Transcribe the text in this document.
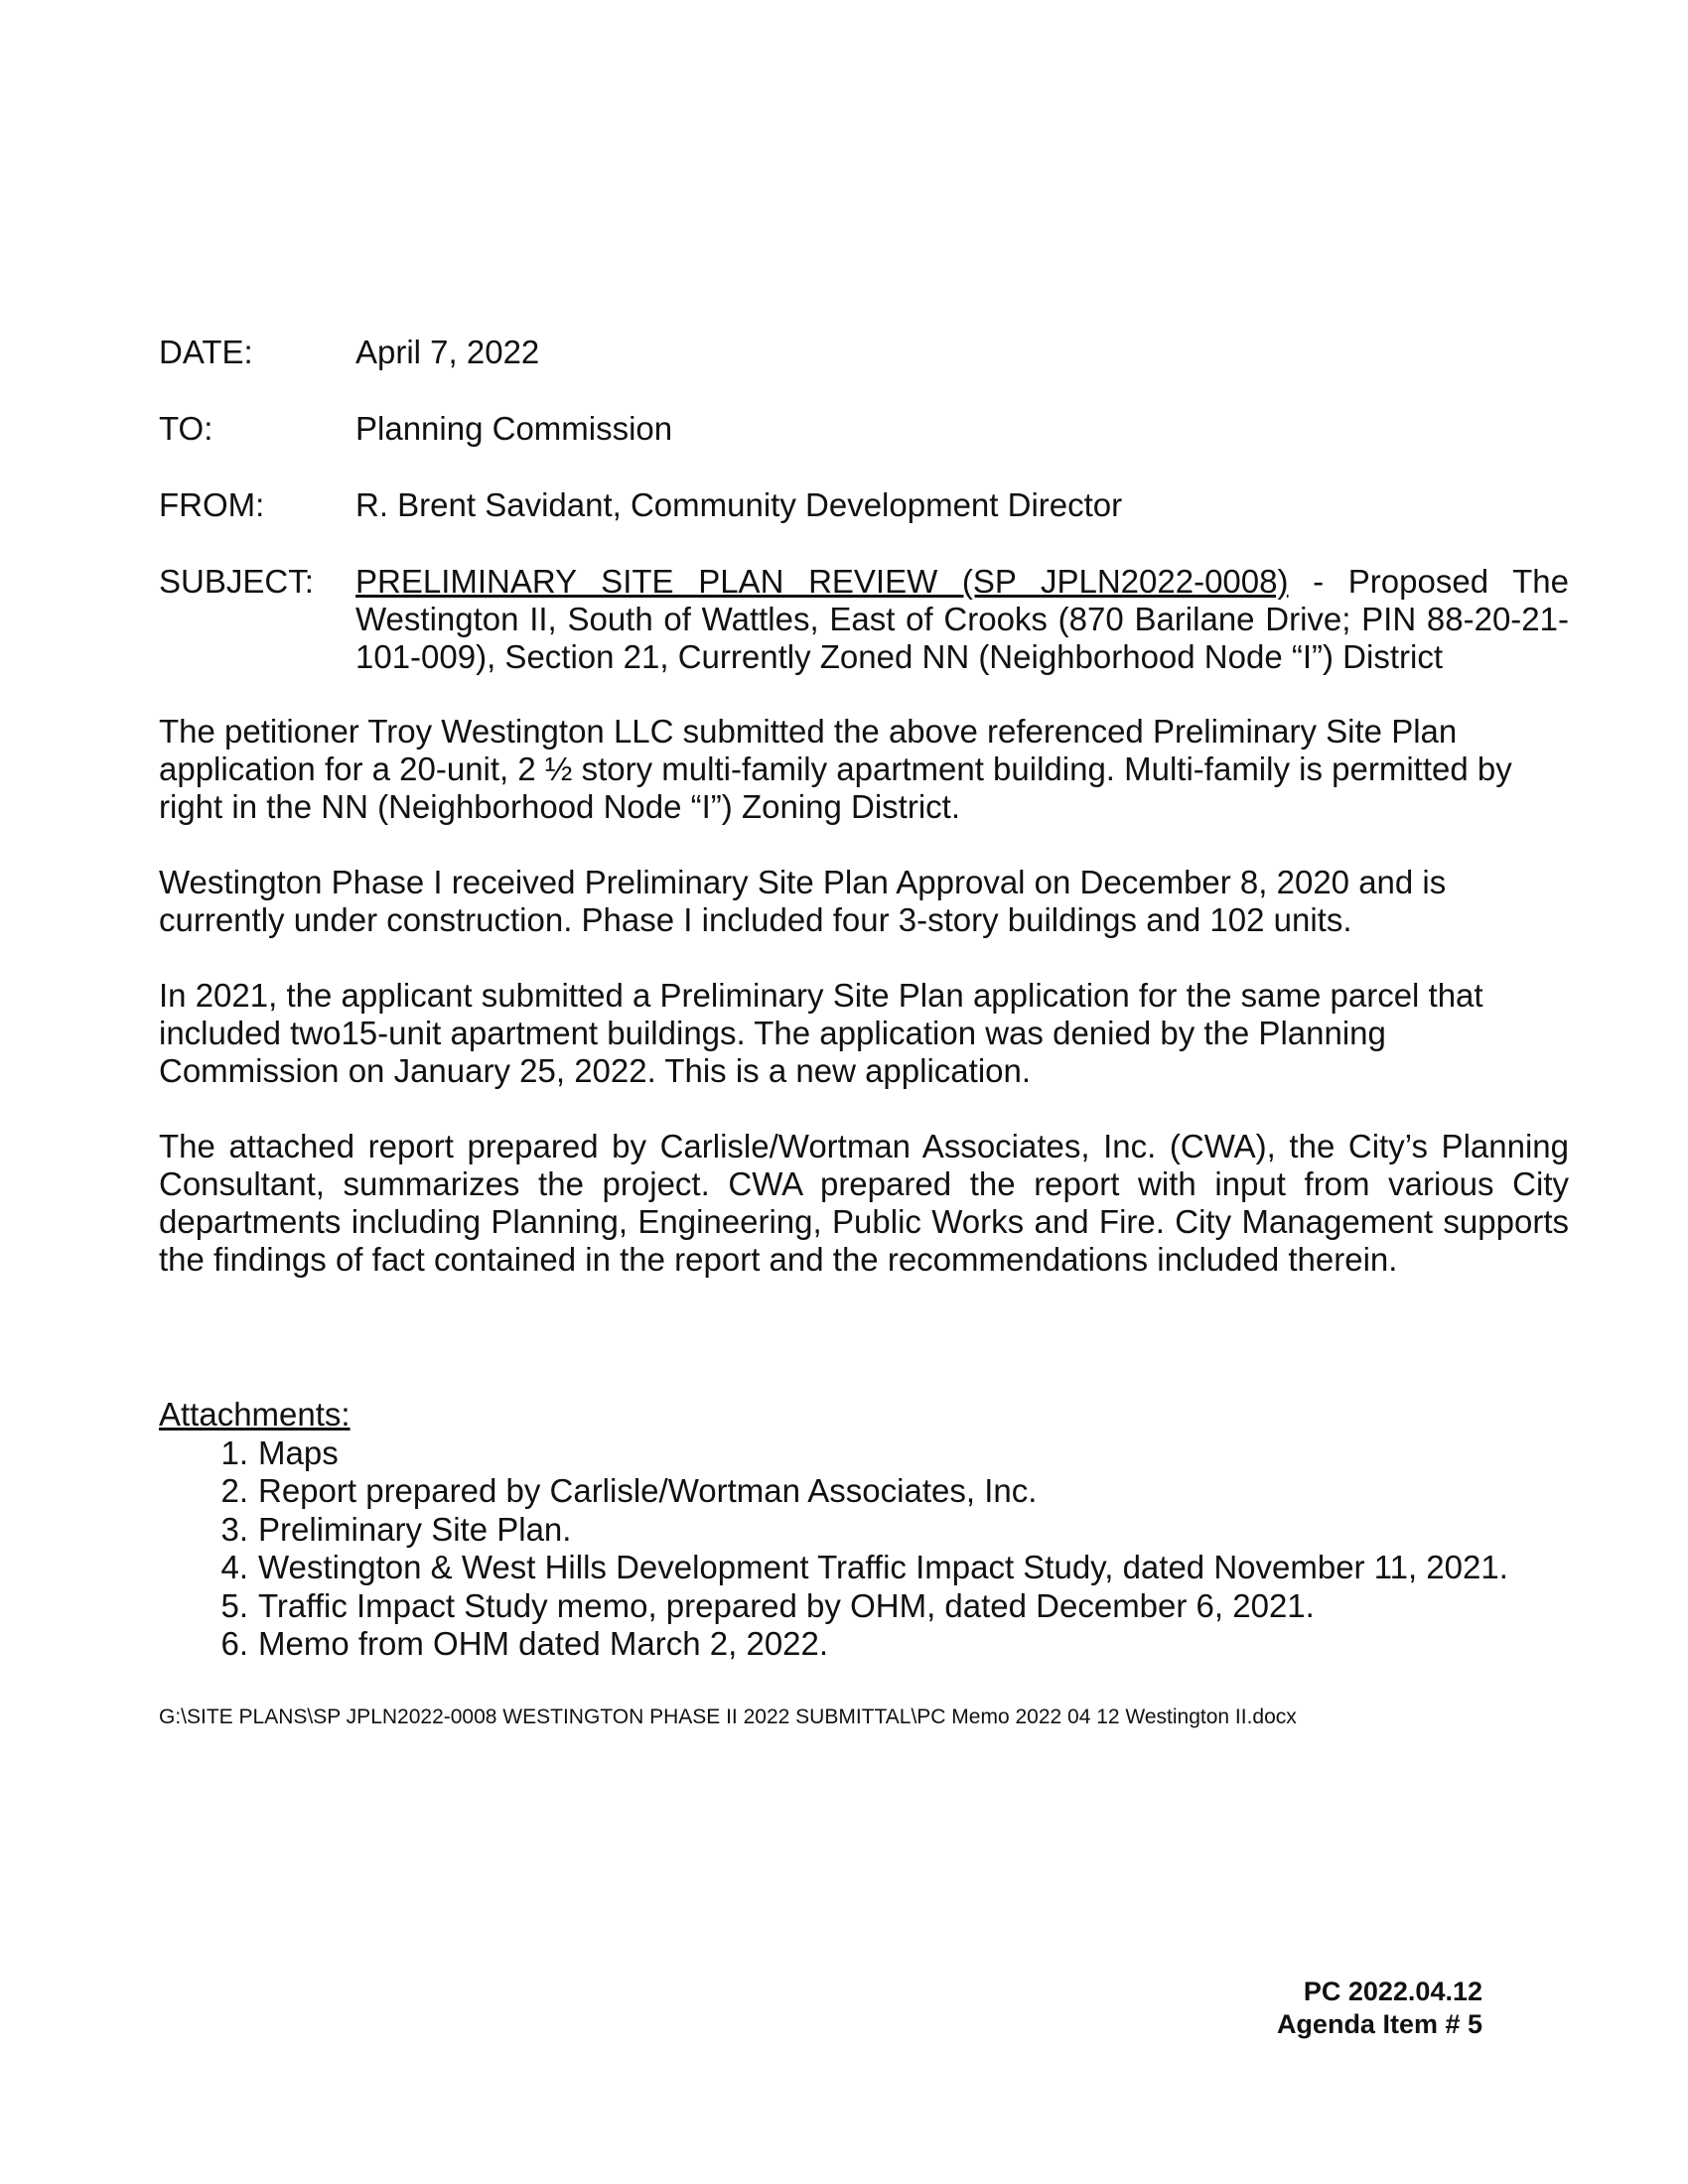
DATE:	April 7, 2022
TO:	Planning Commission
FROM:	R. Brent Savidant, Community Development Director
SUBJECT:	PRELIMINARY SITE PLAN REVIEW (SP JPLN2022-0008) - Proposed The Westington II, South of Wattles, East of Crooks (870 Barilane Drive; PIN 88-20-21-101-009), Section 21, Currently Zoned NN (Neighborhood Node “I”) District

The petitioner Troy Westington LLC submitted the above referenced Preliminary Site Plan application for a 20-unit, 2 ½ story multi-family apartment building. Multi-family is permitted by right in the NN (Neighborhood Node “I”) Zoning District.

Westington Phase I received Preliminary Site Plan Approval on December 8, 2020 and is currently under construction. Phase I included four 3-story buildings and 102 units.

In 2021, the applicant submitted a Preliminary Site Plan application for the same parcel that included two15-unit apartment buildings. The application was denied by the Planning Commission on January 25, 2022. This is a new application.

The attached report prepared by Carlisle/Wortman Associates, Inc. (CWA), the City’s Planning Consultant, summarizes the project. CWA prepared the report with input from various City departments including Planning, Engineering, Public Works and Fire. City Management supports the findings of fact contained in the report and the recommendations included therein.

Attachments:
1. Maps
2. Report prepared by Carlisle/Wortman Associates, Inc.
3. Preliminary Site Plan.
4. Westington & West Hills Development Traffic Impact Study, dated November 11, 2021.
5. Traffic Impact Study memo, prepared by OHM, dated December 6, 2021.
6. Memo from OHM dated March 2, 2022.
G:\SITE PLANS\SP JPLN2022-0008 WESTINGTON PHASE II 2022 SUBMITTAL\PC Memo 2022 04 12 Westington II.docx
PC 2022.04.12
Agenda Item # 5
